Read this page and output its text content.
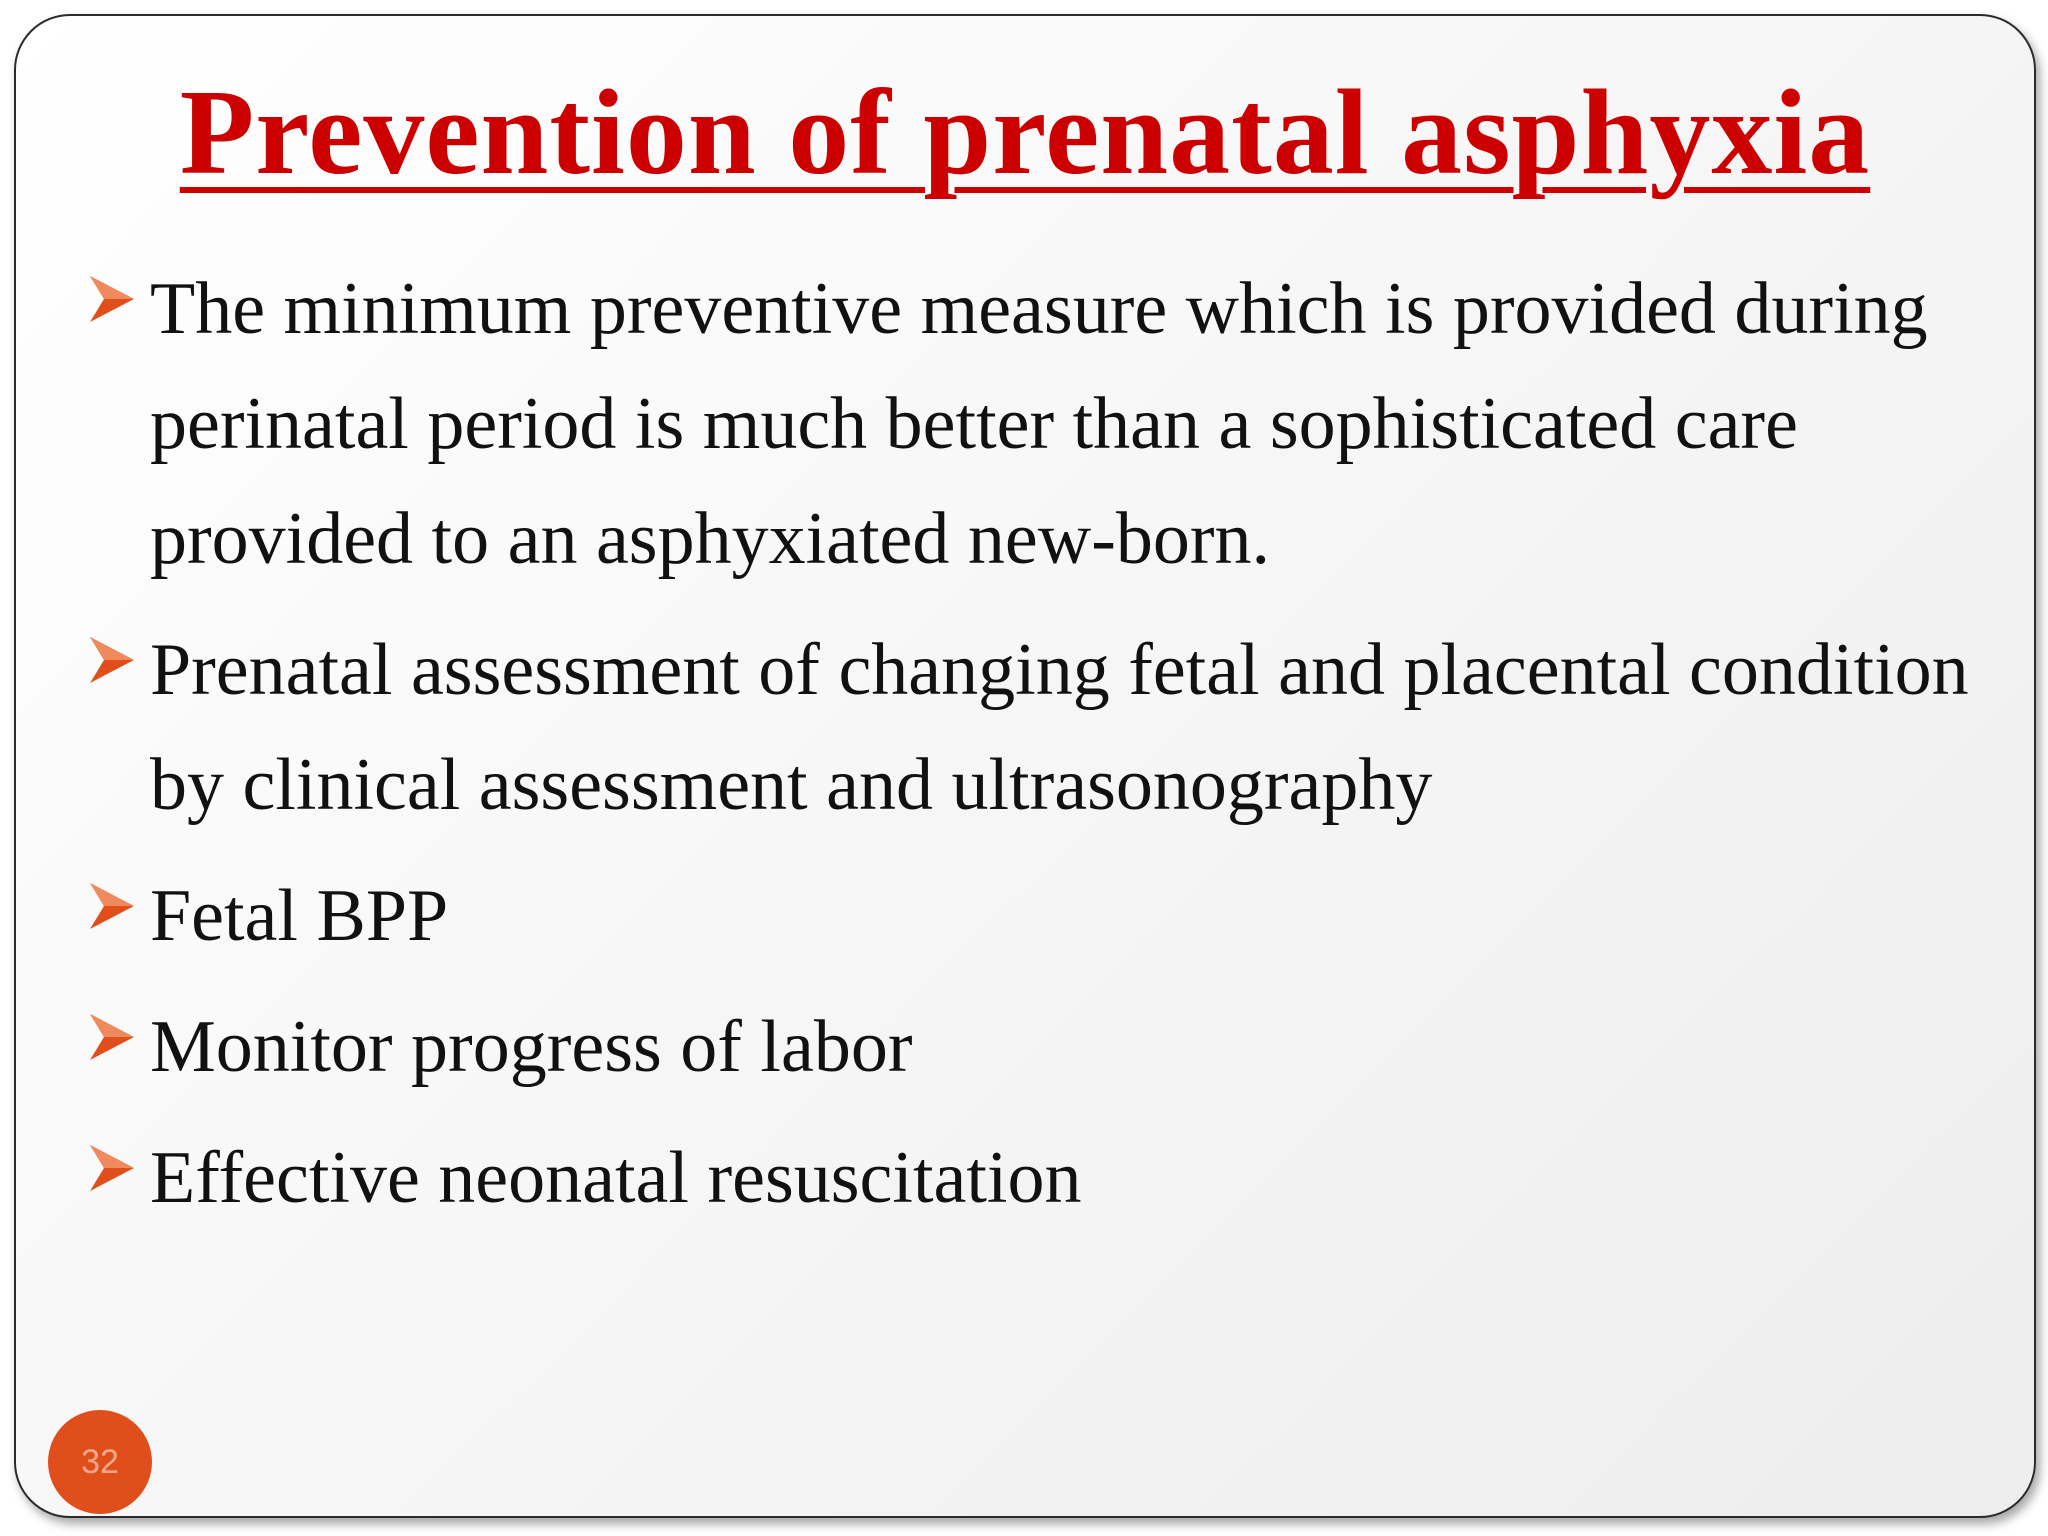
Prevention of prenatal asphyxia
The minimum preventive measure which is provided during perinatal period is much better than a sophisticated care provided to an asphyxiated new-born.
Prenatal assessment of changing fetal and placental condition by clinical assessment and ultrasonography
Fetal BPP
Monitor progress of labor
Effective neonatal resuscitation
32
